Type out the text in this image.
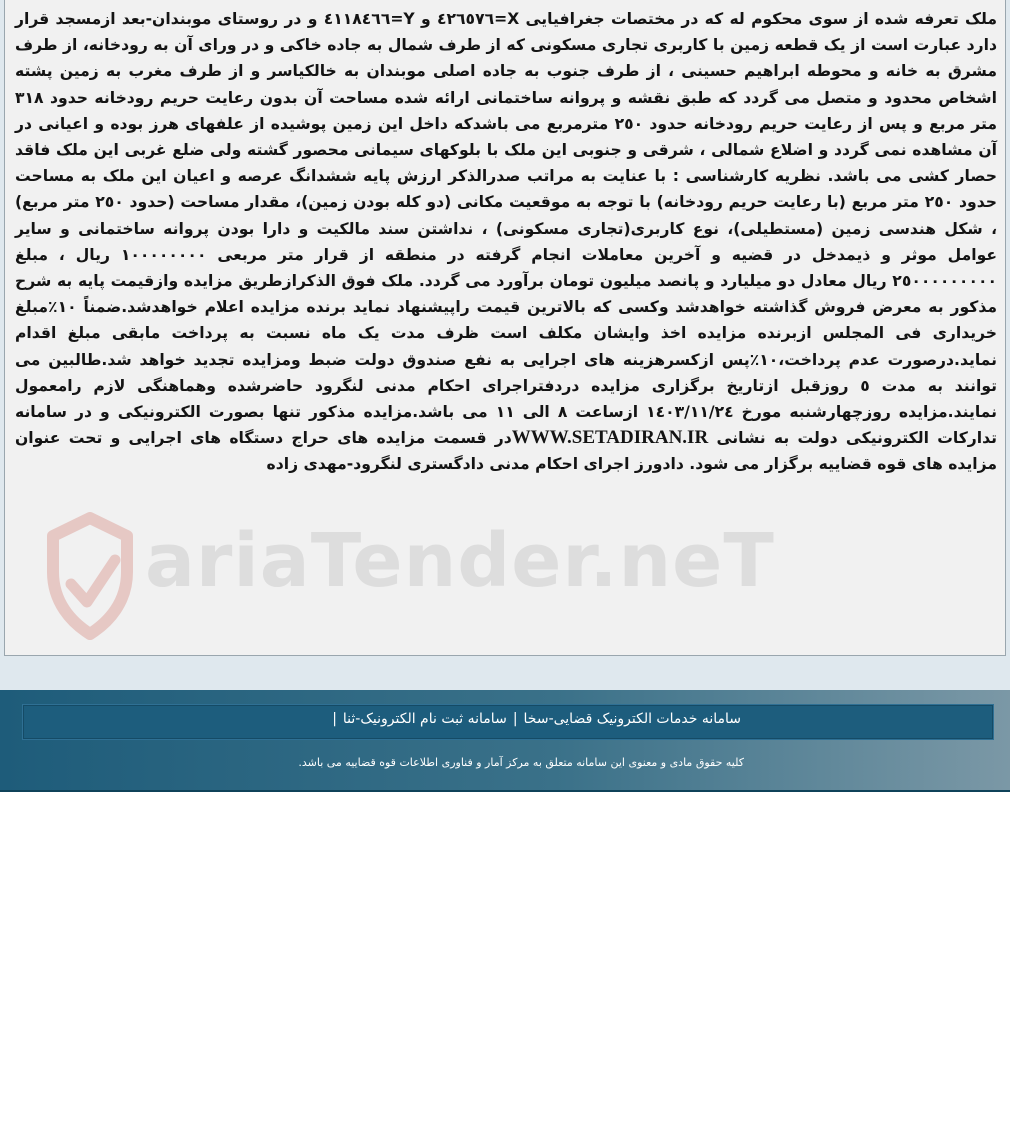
ariaTender.neT
ملک تعرفه شده از سوی محکوم له که در مختصات جغرافیایی X=٤٢٦٥٧٦ و Y=٤١١٨٤٦٦ و در روستای موبندان-بعد ازمسجد قرار دارد عبارت است از یک قطعه زمین با کاربری تجاری مسکونی که از طرف شمال به جاده خاکی و در ورای آن به رودخانه، از طرف مشرق به خانه و محوطه ابراهیم حسینی ، از طرف جنوب به جاده اصلی موبندان به خالکیاسر و از طرف مغرب به زمین پشته اشخاص محدود و متصل می گردد که طبق نقشه و پروانه ساختمانی ارائه شده مساحت آن بدون رعایت حریم رودخانه حدود ٣١٨ متر مربع و پس از رعایت حریم رودخانه حدود ٢٥٠ مترمربع می باشدکه داخل این زمین پوشیده از علفهای هرز بوده و اعیانی در آن مشاهده نمی گردد و اضلاع شمالی ، شرقی و جنوبی این ملک با بلوکهای سیمانی محصور گشته ولی ضلع غربی این ملک فاقد حصار کشی می باشد. نظریه کارشناسی : با عنایت به مراتب صدرالذکر ارزش پایه ششدانگ عرصه و اعیان این ملک به مساحت حدود ٢٥٠ متر مربع (با رعایت حریم رودخانه) با توجه به موقعیت مکانی (دو کله بودن زمین)، مقدار مساحت (حدود ٢٥٠ متر مربع) ، شکل هندسی زمین (مستطیلی)، نوع کاربری(تجاری مسکونی) ، نداشتن سند مالکیت و دارا بودن پروانه ساختمانی و سایر عوامل موثر و ذیمدخل در قضیه و آخرین معاملات انجام گرفته در منطقه از قرار متر مربعی ١٠٠٠٠٠٠٠٠ ریال ، مبلغ ٢٥٠٠٠٠٠٠٠٠٠ ریال معادل دو میلیارد و پانصد میلیون تومان برآورد می گردد. ملک فوق الذکرازطریق مزایده وازقیمت پایه به شرح مذکور به معرض فروش گذاشته خواهدشد وکسی که بالاترین قیمت راپیشنهاد نماید برنده مزایده اعلام خواهدشد.ضمناً ١٠٪مبلغ خریداری فی المجلس ازبرنده مزایده اخذ وایشان مکلف است ظرف مدت یک ماه نسبت به پرداخت مابقی مبلغ اقدام نماید.درصورت عدم پرداخت،١٠٪پس ازکسرهزینه های اجرایی به نفع صندوق دولت ضبط ومزایده تجدید خواهد شد.طالبین می توانند به مدت ٥ روزقبل ازتاریخ برگزاری مزایده دردفتراجرای احکام مدنی لنگرود حاضرشده وهماهنگی لازم رامعمول نمایند.مزایده روزچهارشنبه مورخ ١٤٠٣/١١/٢٤ ازساعت ٨ الی ١١ می باشد.مزایده مذکور تنها بصورت الکترونیکی و در سامانه تدارکات الکترونیکی دولت به نشانی WWW.SETADIRAN.IRدر قسمت مزایده های حراج دستگاه های اجرایی و تحت عنوان مزایده های قوه قضاییه برگزار می شود. دادورز اجرای احکام مدنی دادگستری لنگرود-مهدی زاده
سامانه خدمات الکترونیک قضایی-سخا|سامانه ثبت نام الکترونیک-ثنا|
کلیه حقوق مادی و معنوی این سامانه متعلق به مرکز آمار و فناوری اطلاعات قوه قضاییه می باشد.
